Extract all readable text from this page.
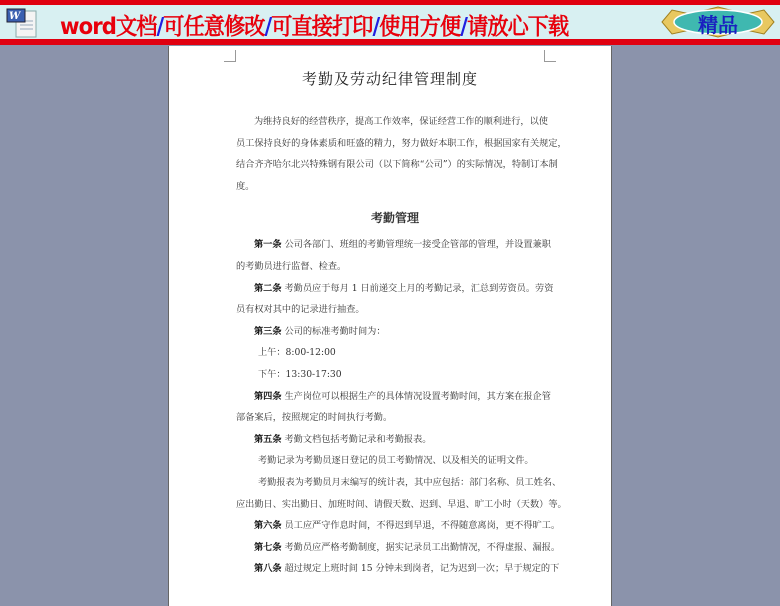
W word文档/可任意修改/可直接打印/使用方便/请放心下载	精品
考勤及劳动纪律管理制度
为维持良好的经营秩序，提高工作效率，保证经营工作的顺利进行，以使
员工保持良好的身体素质和旺盛的精力，努力做好本职工作，根据国家有关规定，
结合齐齐哈尔北兴特殊钢有限公司（以下简称“公司”）的实际情况，特制订本制
度。
考勤管理
第一条 公司各部门、班组的考勤管理统一接受企管部的管理，并设置兼职
的考勤员进行监督、检查。
第二条 考勤员应于每月 1 日前递交上月的考勤记录，汇总到劳资员。劳资
员有权对其中的记录进行抽查。
第三条 公司的标准考勤时间为：
上午：8:00-12:00
下午：13:30-17:30
第四条 生产岗位可以根据生产的具体情况设置考勤时间，其方案在报企管
部备案后，按照规定的时间执行考勤。
第五条 考勤文档包括考勤记录和考勤报表。
考勤记录为考勤员逐日登记的员工考勤情况、以及相关的证明文件。
考勤报表为考勤员月末编写的统计表，其中应包括：部门名称、员工姓名、
应出勤日、实出勤日、加班时间、请假天数、迟到、早退、旷工小时（天数）等。
第六条 员工应严守作息时间，不得迟到早退，不得随意离岗，更不得旷工。
第七条 考勤员应严格考勤制度，据实记录员工出勤情况，不得虚报、漏报。
第八条 超过规定上班时间 15 分钟未到岗者，记为迟到一次；早于规定的下
